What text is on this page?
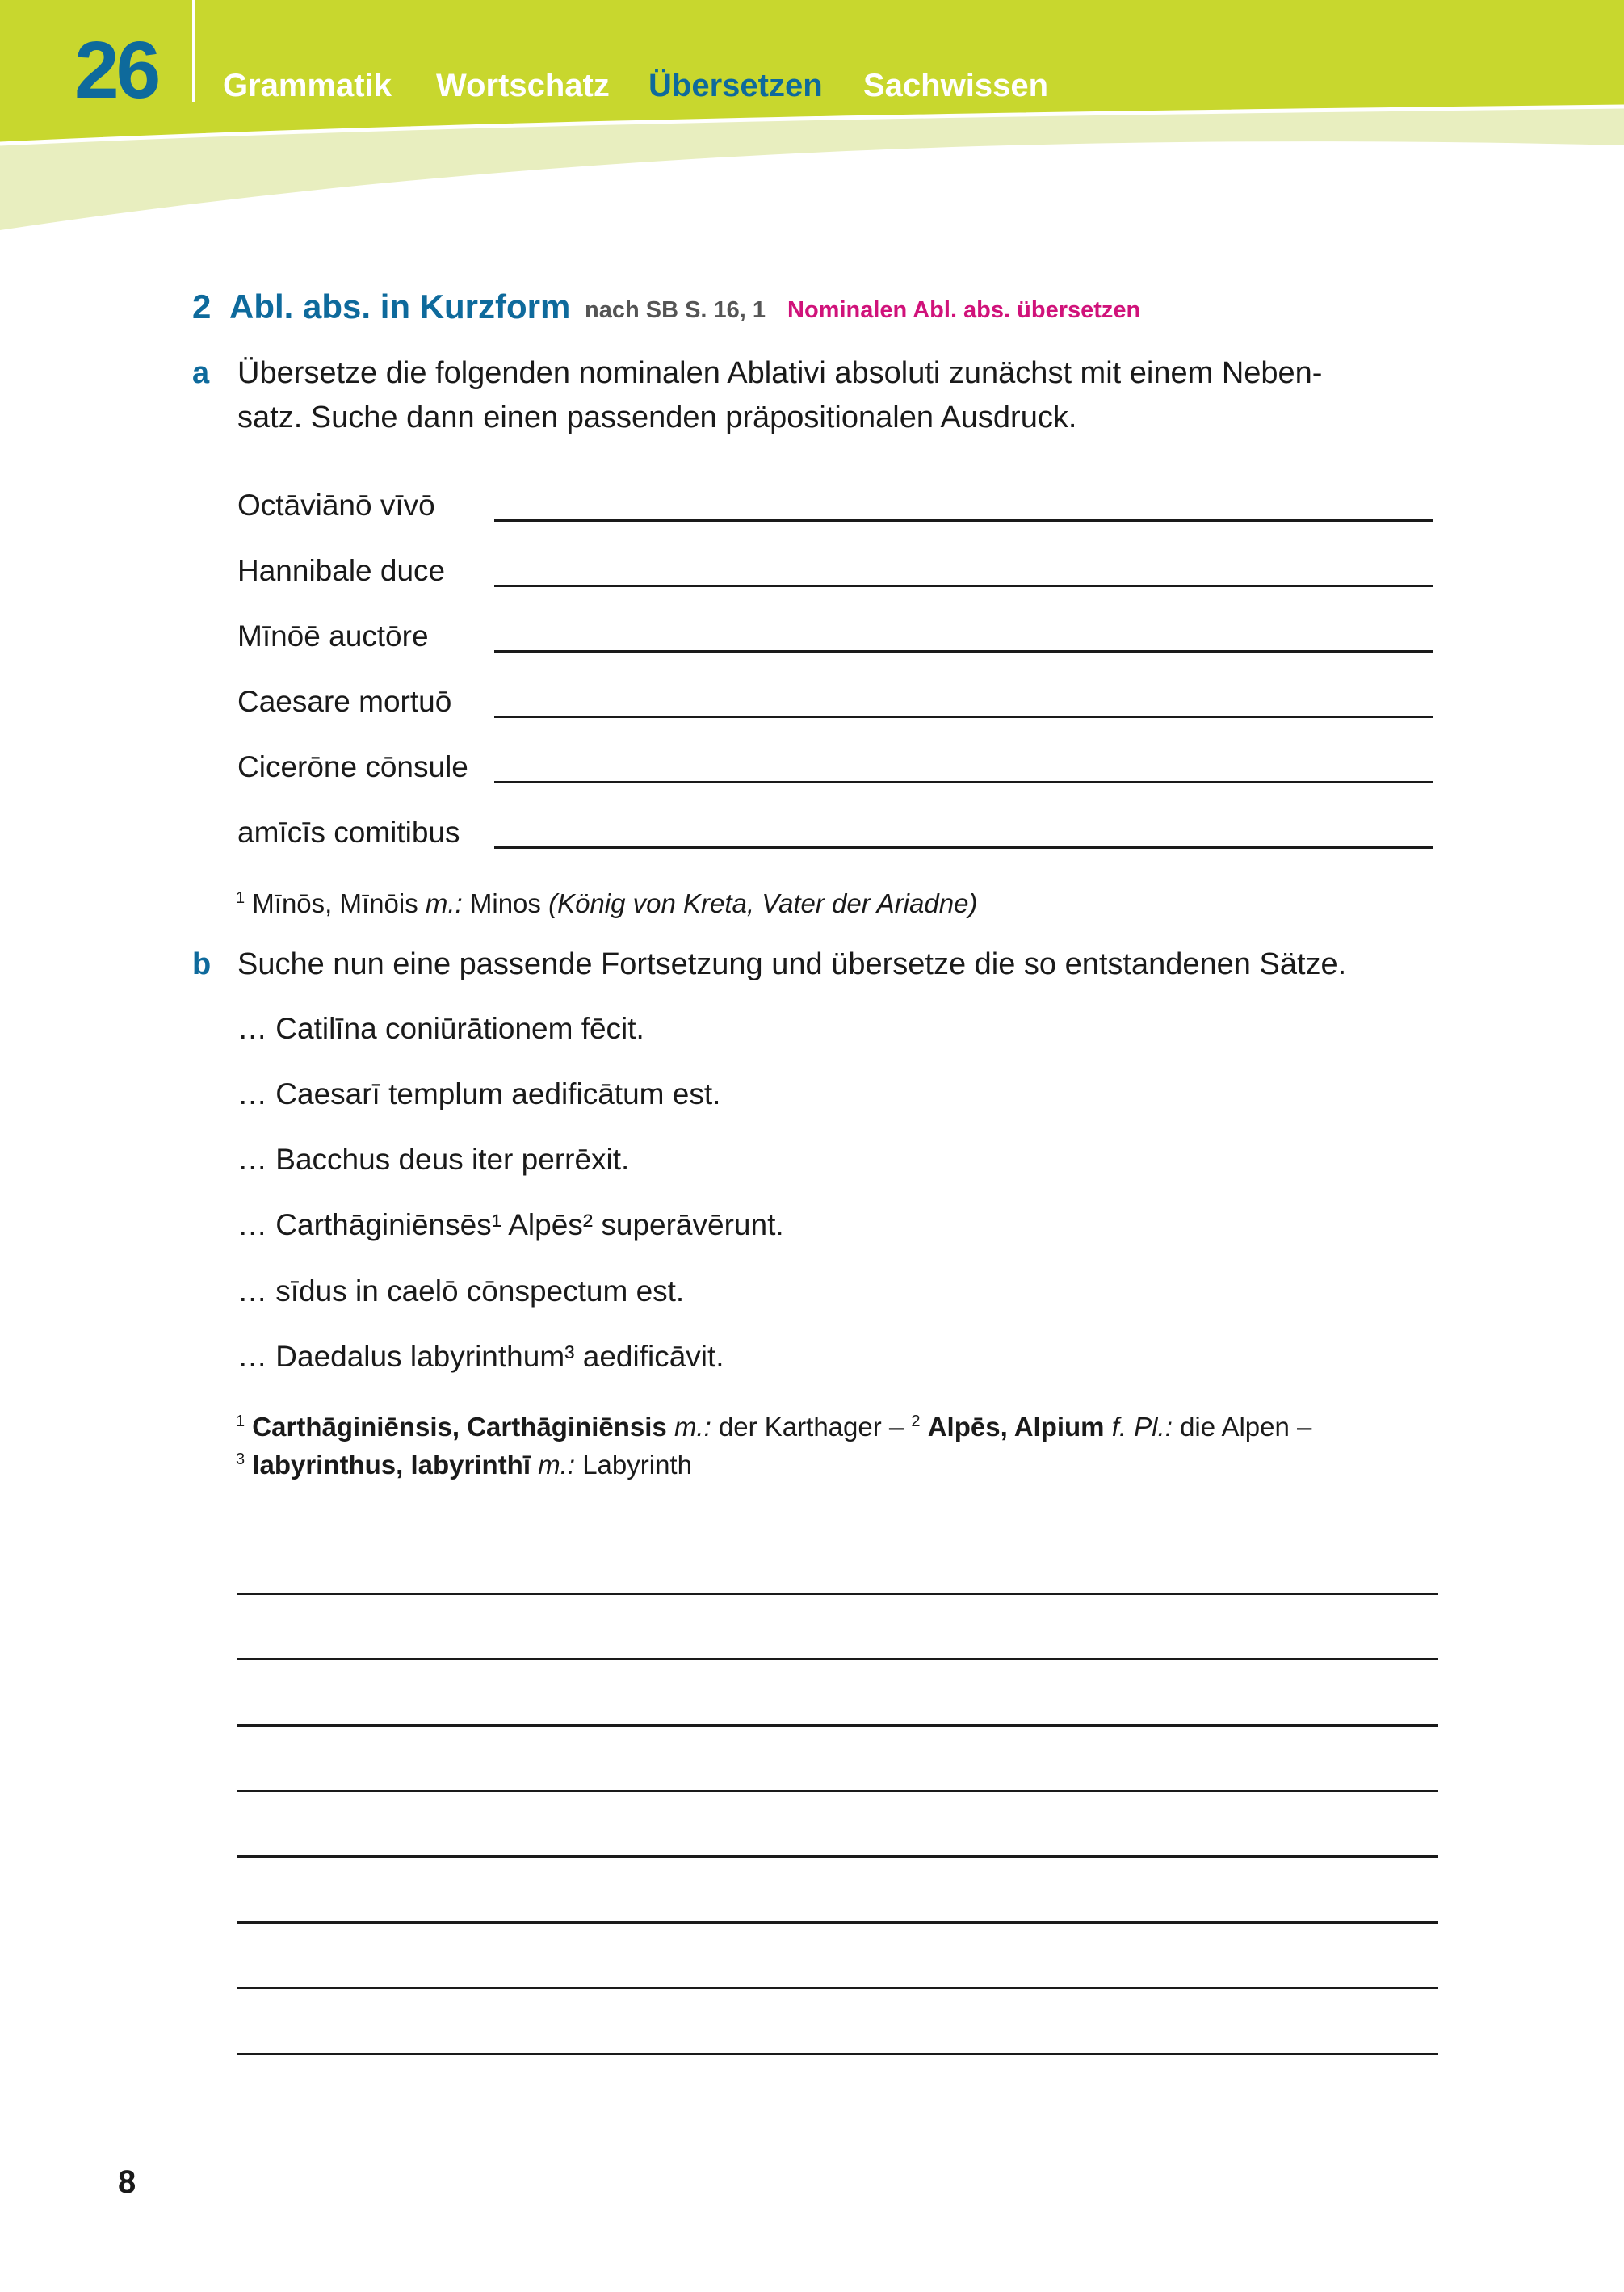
26 Grammatik Wortschatz Übersetzen Sachwissen
2 Abl. abs. in Kurzform nach SB S. 16, 1 Nominalen Abl. abs. übersetzen
a Übersetze die folgenden nominalen Ablativi absoluti zunächst mit einem Neben-
satz. Suche dann einen passenden präpositionalen Ausdruck.
Octāviānō vīvō
Hannibale duce
Mīnōē auctōre
Caesare mortuō
Cicerōne cōnsule
amīcīs comitibus
$^1$ Mīnōs, Mīnōis m.: Minos (König von Kreta, Vater der Ariadne)
b Suche nun eine passende Fortsetzung und übersetze die so entstandenen Sätze.
… Catilīna coniūrātionem fēcit.
… Caesarī templum aedificātum est.
… Bacchus deus iter perrēxit.
… Carthāginiēnsēs¹ Alpēs² superāvērunt.
… sīdus in caelō cōnspectum est.
… Daedalus labyrinthum³ aedificāvit.
$^1$ Carthāginiēnsis, Carthāginiēnsis m.: der Karthager – $^2$ Alpēs, Alpium f. Pl.: die Alpen –
$^3$ labyrinthus, labyrinthī m.: Labyrinth
8
